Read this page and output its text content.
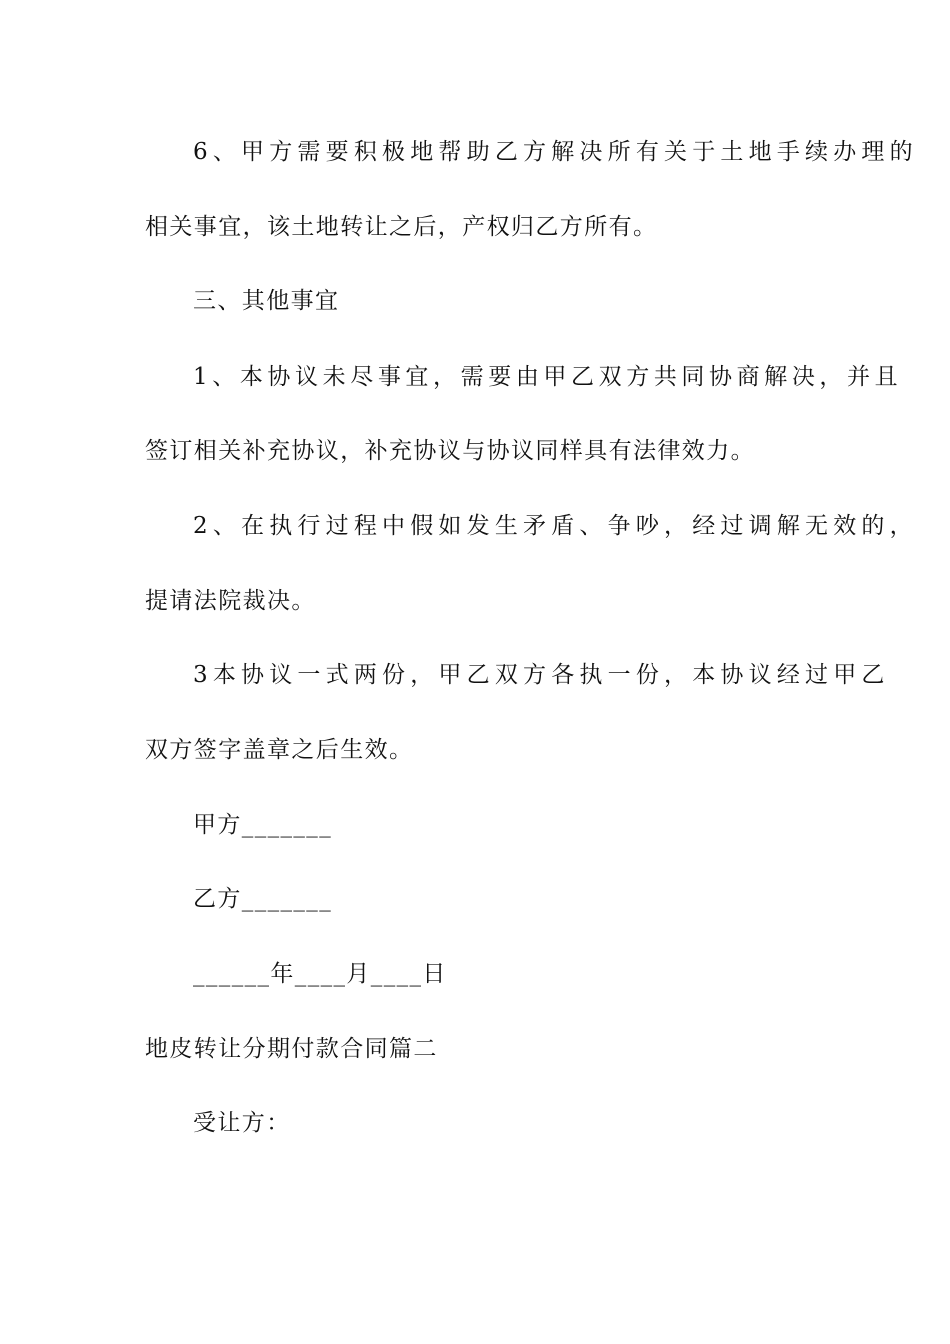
6、甲方需要积极地帮助乙方解决所有关于土地手续办理的
相关事宜，该土地转让之后，产权归乙方所有。
三、其他事宜
1、本协议未尽事宜，需要由甲乙双方共同协商解决，并且
签订相关补充协议，补充协议与协议同样具有法律效力。
2、在执行过程中假如发生矛盾、争吵，经过调解无效的，
提请法院裁决。
3本协议一式两份，甲乙双方各执一份，本协议经过甲乙
双方签字盖章之后生效。
甲方_______
乙方_______
______年____月____日
地皮转让分期付款合同篇二
受让方：
